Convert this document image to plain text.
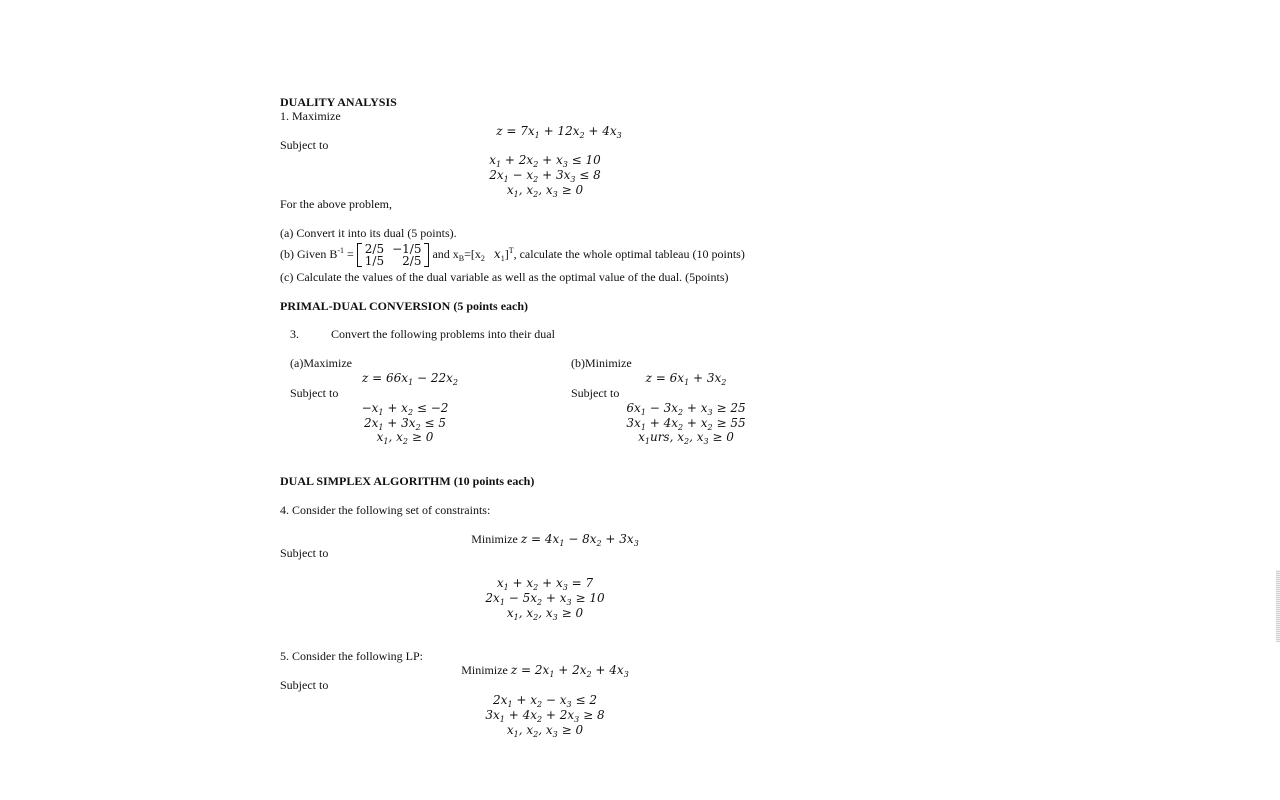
DUALITY ANALYSIS
1. Maximize
$z = 7x_1 + 12x_2 + 4x_3$
Subject to
$x_1 + 2x_2 + x_3 \le 10$
$2x_1 - x_2 + 3x_3 \le 8$
$x_1$, $x_2$, $x_3 \ge 0$
For the above problem,
(a) Convert it into its dual (5 points).
(b) Given $B^{-1} = 2/5$	−1/5
1/5	2/5
and $x_B=[x_2$ $x_1]^T$, calculate the whole optimal tableau (10 points)
(c) Calculate the values of the dual variable as well as the optimal value of the dual. (5points)
PRIMAL-DUAL CONVERSION (5 points each)
3.	Convert the following problems into their dual
(a)Maximize
$z = 66x_1 - 22x_2$
Subject to
$-x_1 + x_2 \le -2$
$2x_1 + 3x_2 \le 5$
$x_1$, $x_2 \ge 0$
(b)Minimize
$z = 6x_1 + 3x_2$
Subject to
$6x_1 - 3x_2 + x_3 \ge 25$
$3x_1 + 4x_2 + x_2 \ge 55$
$x_1urs$, $x_2$, $x_3 \ge 0$
DUAL SIMPLEX ALGORITHM (10 points each)
4. Consider the following set of constraints:
Minimize $z = 4x_1 - 8x_2 + 3x_3$
Subject to
$x_1 + x_2 + x_3 = 7$
$2x_1 - 5x_2 + x_3 \ge 10$
$x_1$, $x_2$, $x_3 \ge 0$
5. Consider the following LP:
Minimize $z = 2x_1 + 2x_2 + 4x_3$
Subject to
$2x_1 + x_2 - x_3 \le 2$
$3x_1 + 4x_2 + 2x_3 \ge 8$
$x_1$, $x_2$, $x_3 \ge 0$
